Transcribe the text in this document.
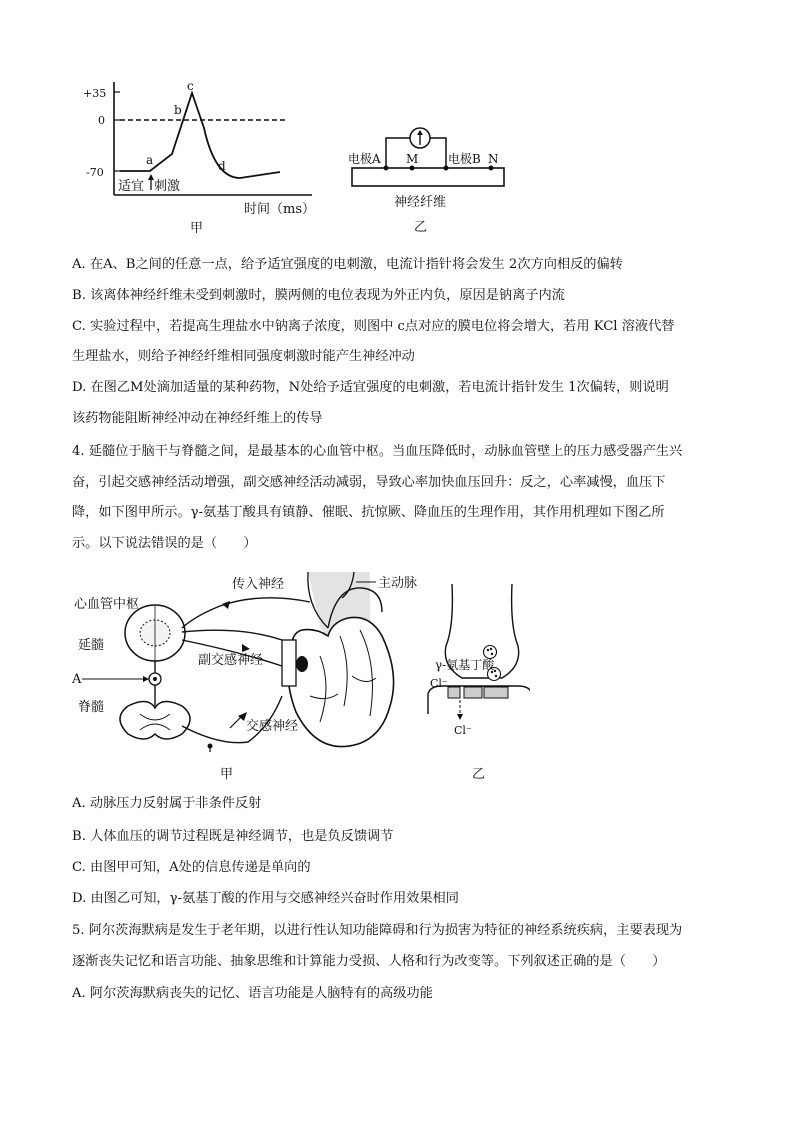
+35
0
-70
a
b
c
d
适宜 刺激
时间（ms）
甲
电极A M 电极B N
神经纤维
乙
A. 在A、B之间的任意一点，给予适宜强度的电刺激，电流计指针将会发生 2次方向相反的偏转
B. 该离体神经纤维未受到刺激时，膜两侧的电位表现为外正内负，原因是钠离子内流
C. 实验过程中，若提高生理盐水中钠离子浓度，则图中 c点对应的膜电位将会增大，若用 KCl 溶液代替
生理盐水，则给予神经纤维相同强度刺激时能产生神经冲动
D. 在图乙M处滴加适量的某种药物，N处给予适宜强度的电刺激，若电流计指针发生 1次偏转，则说明
该药物能阻断神经冲动在神经纤维上的传导
4. 延髓位于脑干与脊髓之间，是最基本的心血管中枢。当血压降低时，动脉血管壁上的压力感受器产生兴
奋，引起交感神经活动增强，副交感神经活动减弱，导致心率加快血压回升：反之，心率减慢，血压下
降，如下图甲所示。γ-氨基丁酸具有镇静、催眠、抗惊厥、降血压的生理作用，其作用机理如下图乙所
示。以下说法错误的是（　　）
传入神经	主动脉
心血管中枢
延髓
副交感神经
A
脊髓
交感神经
甲
γ-氨基丁酸
Cl⁻
Cl⁻
乙
A. 动脉压力反射属于非条件反射
B. 人体血压的调节过程既是神经调节，也是负反馈调节
C. 由图甲可知，A处的信息传递是单向的
D. 由图乙可知，γ-氨基丁酸的作用与交感神经兴奋时作用效果相同
5. 阿尔茨海默病是发生于老年期，以进行性认知功能障碍和行为损害为特征的神经系统疾病，主要表现为
逐渐丧失记忆和语言功能、抽象思维和计算能力受损、人格和行为改变等。下列叙述正确的是（　　）
A. 阿尔茨海默病丧失的记忆、语言功能是人脑特有的高级功能
